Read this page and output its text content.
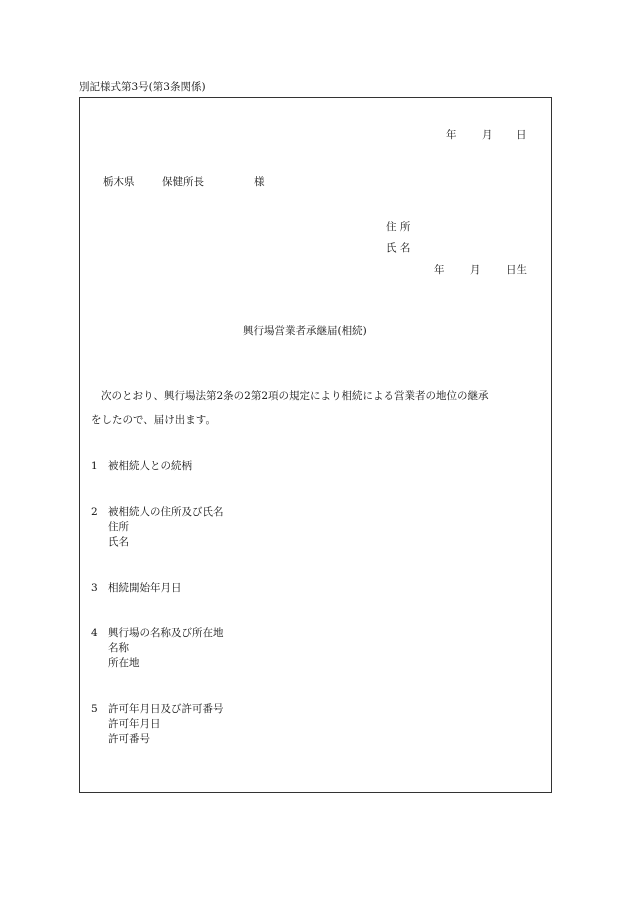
別記様式第3号(第3条関係)
年 月 日
栃木県	保健所長	様
住 所
氏 名
年 月 日生
興行場営業者承継届(相続)
次のとおり、興行場法第2条の2第2項の規定により相続による営業者の地位の継承
をしたので、届け出ます。
1 被相続人との続柄
2 被相続人の住所及び氏名
住所
氏名
3 相続開始年月日
4 興行場の名称及び所在地
名称
所在地
5 許可年月日及び許可番号
許可年月日
許可番号
